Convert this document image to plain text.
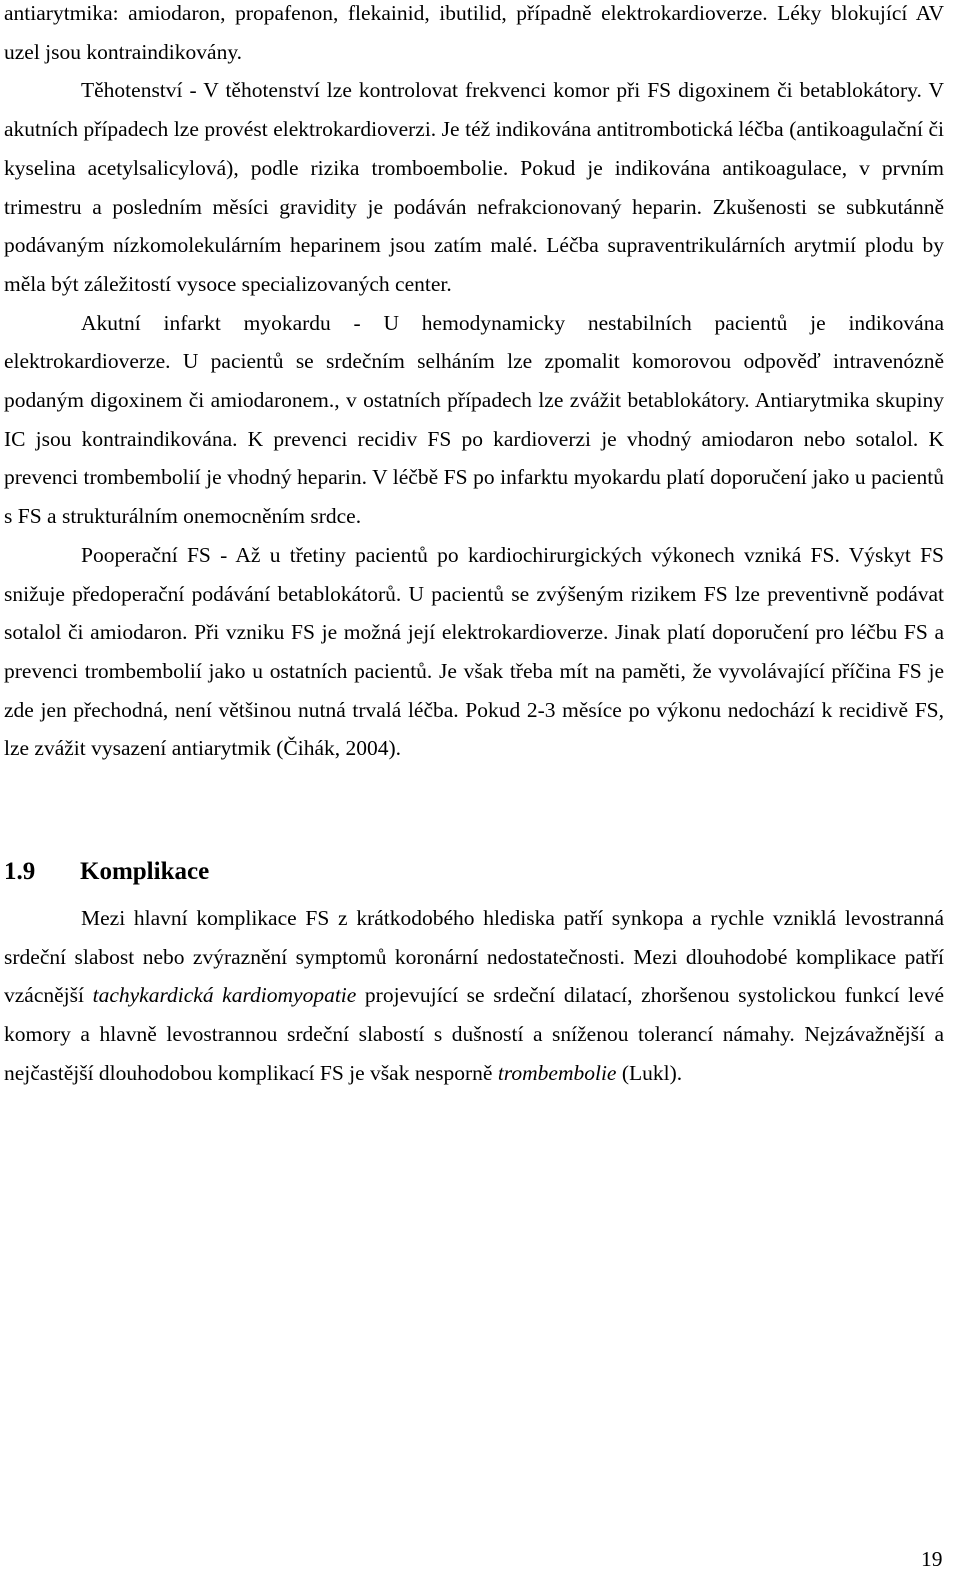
antiarytmika: amiodaron, propafenon, flekainid, ibutilid, případně elektrokardioverze. Léky blokující AV uzel jsou kontraindikovány.

Těhotenství - V těhotenství lze kontrolovat frekvenci komor při FS digoxinem či betablokátory. V akutních případech lze provést elektrokardioverzi. Je též indikována antitrombotická léčba (antikoagulační či kyselina acetylsalicylová), podle rizika tromboembolie. Pokud je indikována antikoagulace, v prvním trimestru a posledním měsíci gravidity je podáván nefrakcionovaný heparin. Zkušenosti se subkutánně podávaným nízkomolekulárním heparinem jsou zatím malé. Léčba supraventrikulárních arytmií plodu by měla být záležitostí vysoce specializovaných center.

Akutní infarkt myokardu - U hemodynamicky nestabilních pacientů je indikována elektrokardioverze. U pacientů se srdečním selháním lze zpomalit komorovou odpověď intravenózně podaným digoxinem či amiodaronem., v ostatních případech lze zvážit betablokátory. Antiarytmika skupiny IC jsou kontraindikována. K prevenci recidiv FS po kardioverzi je vhodný amiodaron nebo sotalol. K prevenci trombembolií je vhodný heparin. V léčbě FS po infarktu myokardu platí doporučení jako u pacientů s FS a strukturálním onemocněním srdce.

Pooperační FS - Až u třetiny pacientů po kardiochirurgických výkonech vzniká FS. Výskyt FS snižuje předoperační podávání betablokátorů. U pacientů se zvýšeným rizikem FS lze preventivně podávat sotalol či amiodaron. Při vzniku FS je možná její elektrokardioverze. Jinak platí doporučení pro léčbu FS a prevenci trombembolií jako u ostatních pacientů. Je však třeba mít na paměti, že vyvolávající příčina FS je zde jen přechodná, není většinou nutná trvalá léčba. Pokud 2-3 měsíce po výkonu nedochází k recidivě FS, lze zvážit vysazení antiarytmik (Čihák, 2004).

1.9	Komplikace

Mezi hlavní komplikace FS z krátkodobého hlediska patří synkopa a rychle vzniklá levostranná srdeční slabost nebo zvýraznění symptomů koronární nedostatečnosti. Mezi dlouhodobé komplikace patří vzácnější tachykardická kardiomyopatie projevující se srdeční dilatací, zhoršenou systolickou funkcí levé komory a hlavně levostrannou srdeční slabostí s dušností a sníženou tolerancí námahy. Nejzávažnější a nejčastější dlouhodobou komplikací FS je však nesporně trombembolie (Lukl).

19
